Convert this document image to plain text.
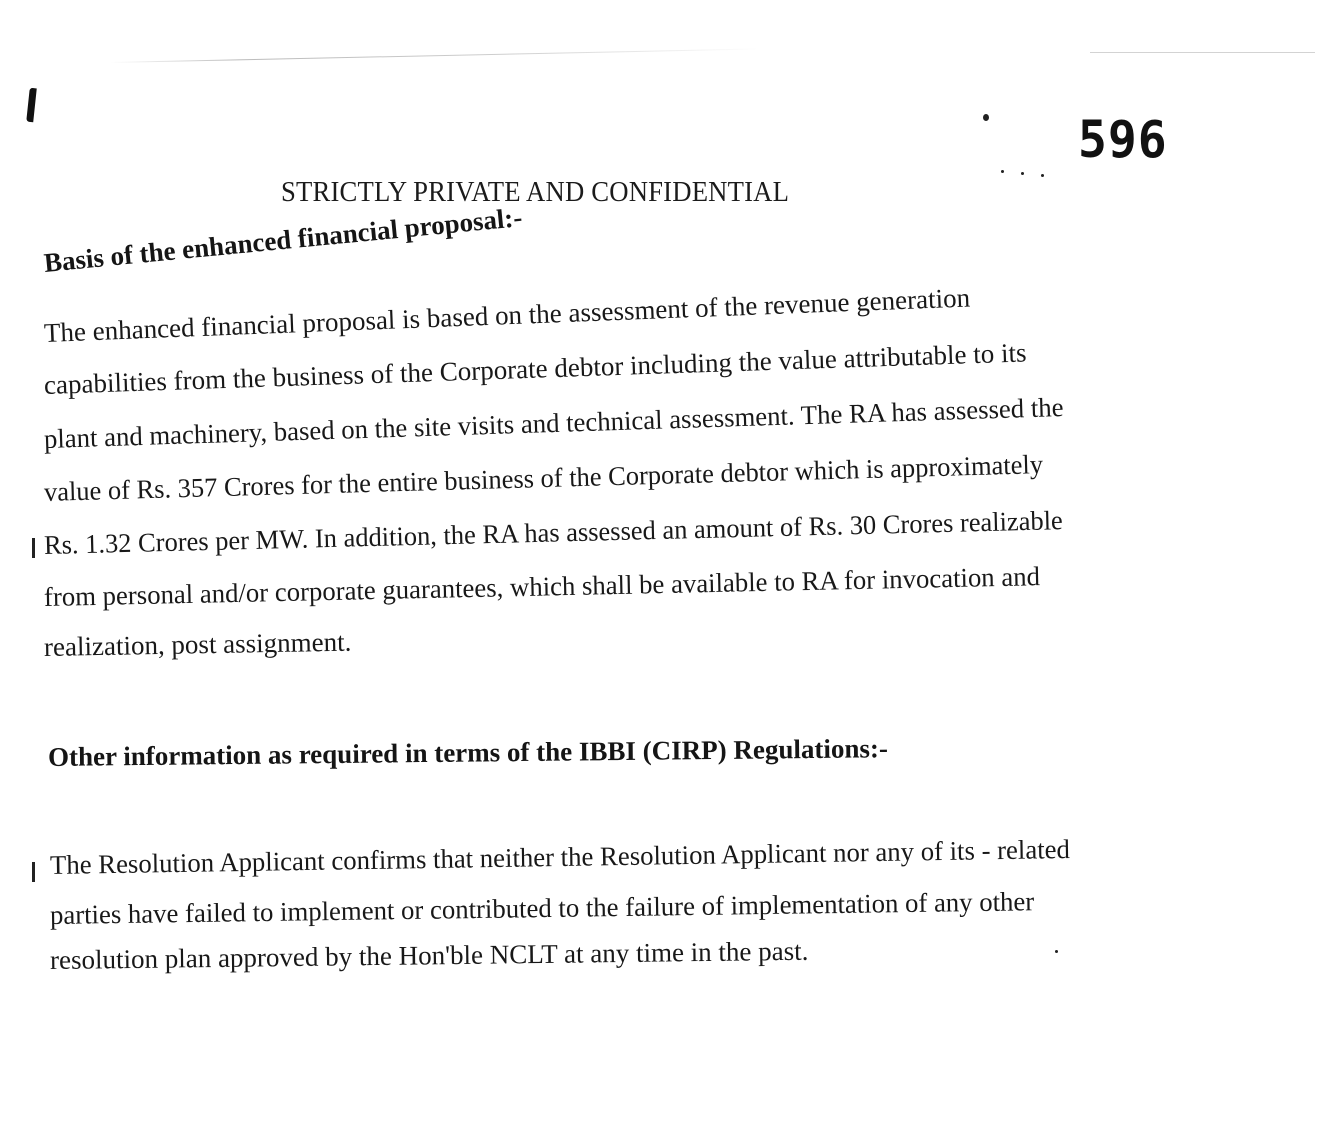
596
STRICTLY PRIVATE AND CONFIDENTIAL
Basis of the enhanced financial proposal:-
The enhanced financial proposal is based on the assessment of the revenue generation
capabilities from the business of the Corporate debtor including the value attributable to its
plant and machinery, based on the site visits and technical assessment. The RA has assessed the
value of Rs. 357 Crores for the entire business of the Corporate debtor which is approximately
Rs. 1.32 Crores per MW. In addition, the RA has assessed an amount of Rs. 30 Crores realizable
from personal and/or corporate guarantees, which shall be available to RA for invocation and
realization, post assignment.
Other information as required in terms of the IBBI (CIRP) Regulations:-
The Resolution Applicant confirms that neither the Resolution Applicant nor any of its - related
parties have failed to implement or contributed to the failure of implementation of any other
resolution plan approved by the Hon'ble NCLT at any time in the past.
